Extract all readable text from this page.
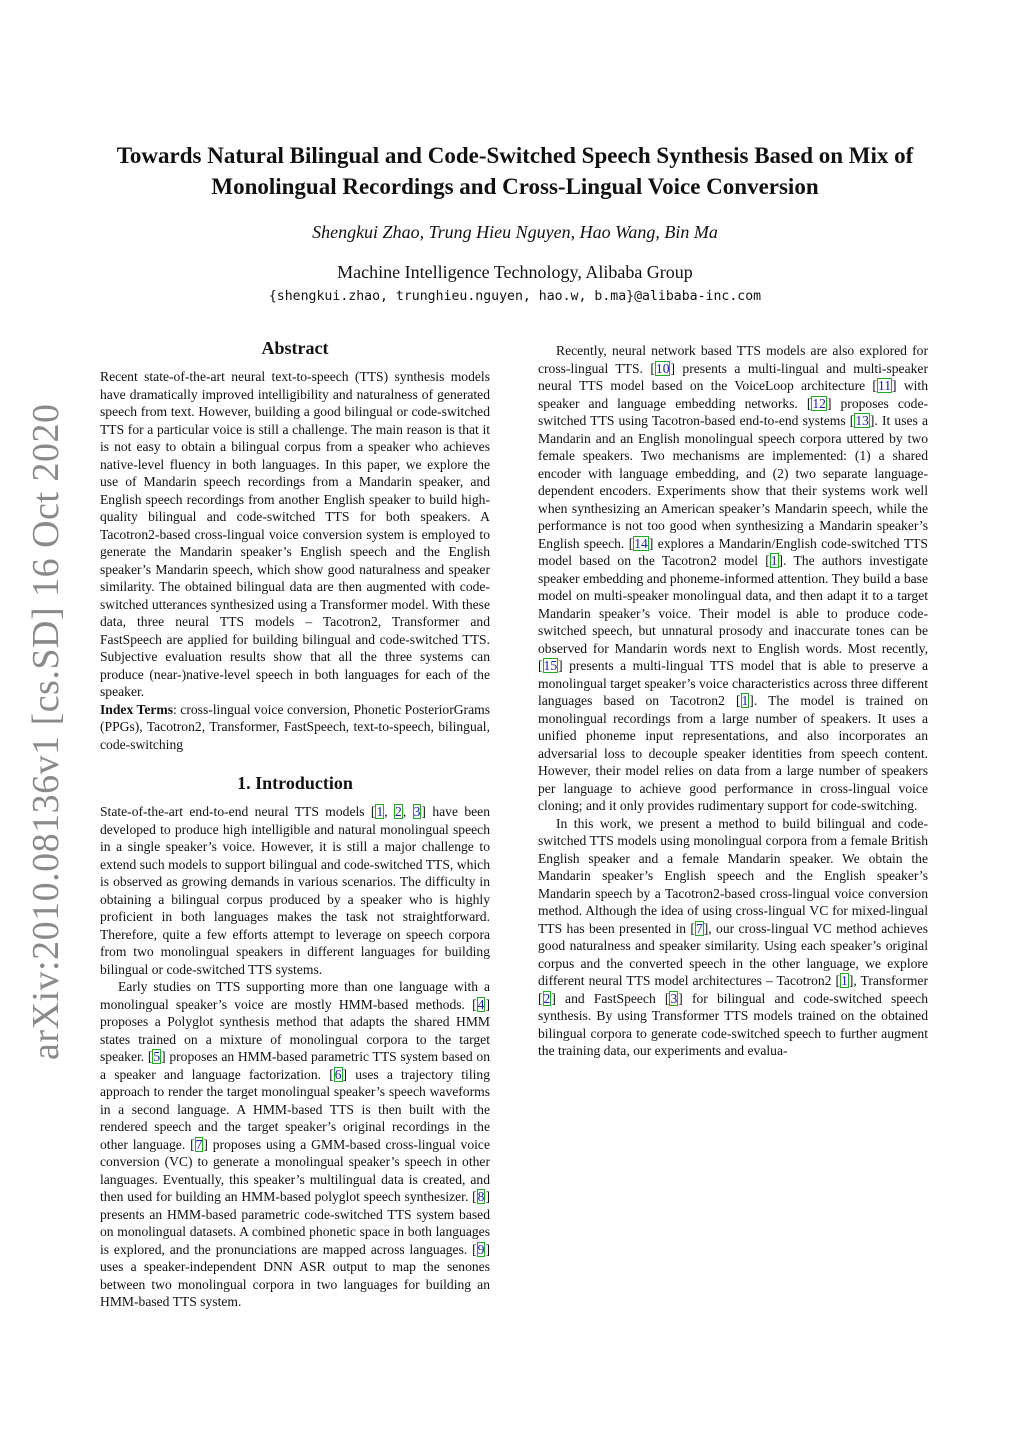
arXiv:2010.08136v1 [cs.SD] 16 Oct 2020
Towards Natural Bilingual and Code-Switched Speech Synthesis Based on Mix of Monolingual Recordings and Cross-Lingual Voice Conversion
Shengkui Zhao, Trung Hieu Nguyen, Hao Wang, Bin Ma
Machine Intelligence Technology, Alibaba Group
{shengkui.zhao, trunghieu.nguyen, hao.w, b.ma}@alibaba-inc.com
Abstract

Recent state-of-the-art neural text-to-speech (TTS) synthesis models have dramatically improved intelligibility and naturalness of generated speech from text. However, building a good bilingual or code-switched TTS for a particular voice is still a challenge. The main reason is that it is not easy to obtain a bilingual corpus from a speaker who achieves native-level fluency in both languages. In this paper, we explore the use of Mandarin speech recordings from a Mandarin speaker, and English speech recordings from another English speaker to build high-quality bilingual and code-switched TTS for both speakers. A Tacotron2-based cross-lingual voice conversion system is employed to generate the Mandarin speaker’s English speech and the English speaker’s Mandarin speech, which show good naturalness and speaker similarity. The obtained bilingual data are then augmented with code-switched utterances synthesized using a Transformer model. With these data, three neural TTS models – Tacotron2, Transformer and FastSpeech are applied for building bilingual and code-switched TTS. Subjective evaluation results show that all the three systems can produce (near-)native-level speech in both languages for each of the speaker.

Index Terms: cross-lingual voice conversion, Phonetic PosteriorGrams (PPGs), Tacotron2, Transformer, FastSpeech, text-to-speech, bilingual, code-switching

1. Introduction

State-of-the-art end-to-end neural TTS models [1, 2, 3] have been developed to produce high intelligible and natural monolingual speech in a single speaker’s voice. However, it is still a major challenge to extend such models to support bilingual and code-switched TTS, which is observed as growing demands in various scenarios. The difficulty in obtaining a bilingual corpus produced by a speaker who is highly proficient in both languages makes the task not straightforward. Therefore, quite a few efforts attempt to leverage on speech corpora from two monolingual speakers in different languages for building bilingual or code-switched TTS systems.

Early studies on TTS supporting more than one language with a monolingual speaker’s voice are mostly HMM-based methods. [4] proposes a Polyglot synthesis method that adapts the shared HMM states trained on a mixture of monolingual corpora to the target speaker. [5] proposes an HMM-based parametric TTS system based on a speaker and language factorization. [6] uses a trajectory tiling approach to render the target monolingual speaker’s speech waveforms in a second language. A HMM-based TTS is then built with the rendered speech and the target speaker’s original recordings in the other language. [7] proposes using a GMM-based cross-lingual voice conversion (VC) to generate a monolingual speaker’s speech in other languages. Eventually, this speaker’s multilingual data is created, and then used for building an HMM-based polyglot speech synthesizer. [8] presents an HMM-based parametric code-switched TTS system based on monolingual datasets. A combined phonetic space in both languages is explored, and the pronunciations are mapped across languages. [9] uses a speaker-independent DNN ASR output to map the senones between two monolingual corpora in two languages for building an HMM-based TTS system.

Recently, neural network based TTS models are also explored for cross-lingual TTS. [10] presents a multi-lingual and multi-speaker neural TTS model based on the VoiceLoop architecture [11] with speaker and language embedding networks. [12] proposes code-switched TTS using Tacotron-based end-to-end systems [13]. It uses a Mandarin and an English monolingual speech corpora uttered by two female speakers. Two mechanisms are implemented: (1) a shared encoder with language embedding, and (2) two separate language-dependent encoders. Experiments show that their systems work well when synthesizing an American speaker’s Mandarin speech, while the performance is not too good when synthesizing a Mandarin speaker’s English speech. [14] explores a Mandarin/English code-switched TTS model based on the Tacotron2 model [1]. The authors investigate speaker embedding and phoneme-informed attention. They build a base model on multi-speaker monolingual data, and then adapt it to a target Mandarin speaker’s voice. Their model is able to produce code-switched speech, but unnatural prosody and inaccurate tones can be observed for Mandarin words next to English words. Most recently, [15] presents a multi-lingual TTS model that is able to preserve a monolingual target speaker’s voice characteristics across three different languages based on Tacotron2 [1]. The model is trained on monolingual recordings from a large number of speakers. It uses a unified phoneme input representations, and also incorporates an adversarial loss to decouple speaker identities from speech content. However, their model relies on data from a large number of speakers per language to achieve good performance in cross-lingual voice cloning; and it only provides rudimentary support for code-switching.

In this work, we present a method to build bilingual and code-switched TTS models using monolingual corpora from a female British English speaker and a female Mandarin speaker. We obtain the Mandarin speaker’s English speech and the English speaker’s Mandarin speech by a Tacotron2-based cross-lingual voice conversion method. Although the idea of using cross-lingual VC for mixed-lingual TTS has been presented in [7], our cross-lingual VC method achieves good naturalness and speaker similarity. Using each speaker’s original corpus and the converted speech in the other language, we explore different neural TTS model architectures – Tacotron2 [1], Transformer [2] and FastSpeech [3] for bilingual and code-switched speech synthesis. By using Transformer TTS models trained on the obtained bilingual corpora to generate code-switched speech to further augment the training data, our experiments and evalua-
